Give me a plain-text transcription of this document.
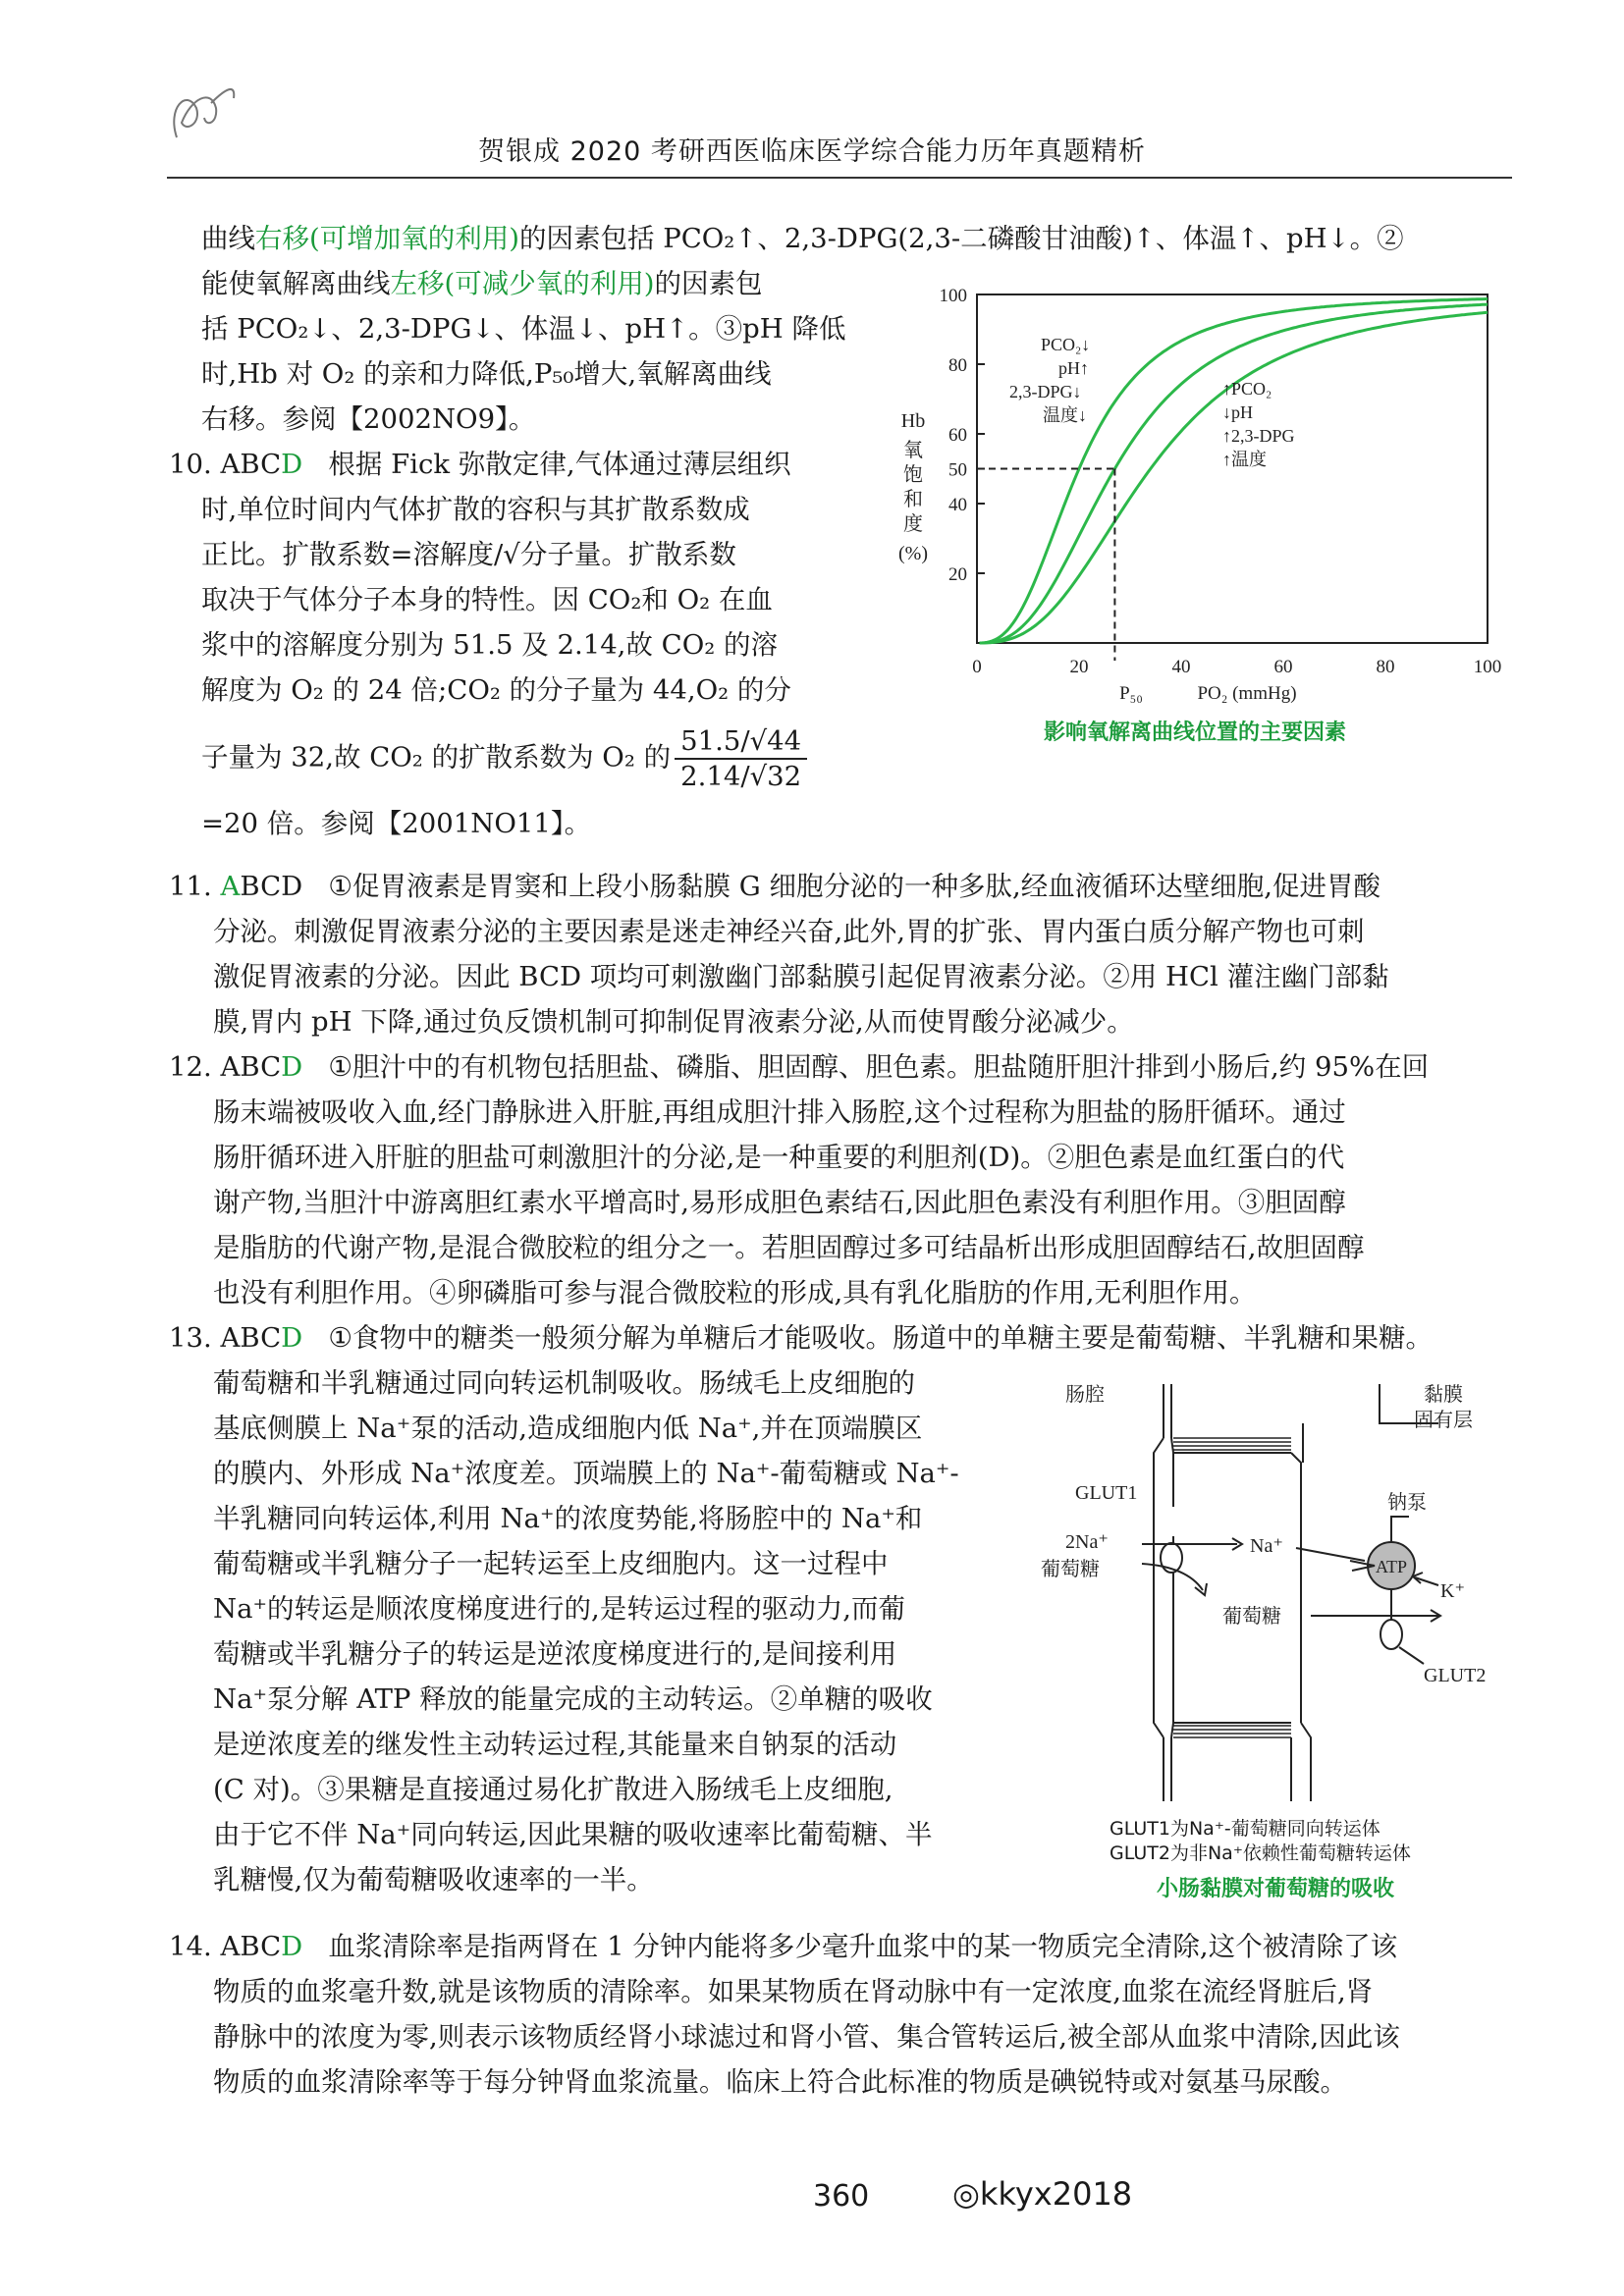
贺银成 2020 考研西医临床医学综合能力历年真题精析
曲线右移(可增加氧的利用)的因素包括 PCO₂↑、2,3-DPG(2,3-二磷酸甘油酸)↑、体温↑、pH↓。②
能使氧解离曲线左移(可减少氧的利用)的因素包
括 PCO₂↓、2,3-DPG↓、体温↓、pH↑。③pH 降低
时,Hb 对 O₂ 的亲和力降低,P₅₀增大,氧解离曲线
右移。参阅【2002NO9】。
10. ABCD 根据 Fick 弥散定律,气体通过薄层组织
时,单位时间内气体扩散的容积与其扩散系数成
正比。扩散系数=溶解度/√分子量。扩散系数
取决于气体分子本身的特性。因 CO₂和 O₂ 在血
浆中的溶解度分别为 51.5 及 2.14,故 CO₂ 的溶
解度为 O₂ 的 24 倍;CO₂ 的分子量为 44,O₂ 的分
子量为 32,故 CO₂ 的扩散系数为 O₂ 的 $\frac{51.5/√44}{2.14/√32}$
=20 倍。参阅【2001NO11】。
Hb
氧
饱
和
度
(%)
0	20	40	60	80	100
100
80
60
50
40
20
PCO₂↓
pH↑
2,3-DPG↓
温度↓
↑PCO₂
↓pH
↑2,3-DPG
↑温度
P₅₀	PO₂ (mmHg)
影响氧解离曲线位置的主要因素
11. ABCD ①促胃液素是胃窦和上段小肠黏膜 G 细胞分泌的一种多肽,经血液循环达壁细胞,促进胃酸
分泌。刺激促胃液素分泌的主要因素是迷走神经兴奋,此外,胃的扩张、胃内蛋白质分解产物也可刺
激促胃液素的分泌。因此 BCD 项均可刺激幽门部黏膜引起促胃液素分泌。②用 HCl 灌注幽门部黏
膜,胃内 pH 下降,通过负反馈机制可抑制促胃液素分泌,从而使胃酸分泌减少。
12. ABCD ①胆汁中的有机物包括胆盐、磷脂、胆固醇、胆色素。胆盐随肝胆汁排到小肠后,约 95%在回
肠末端被吸收入血,经门静脉进入肝脏,再组成胆汁排入肠腔,这个过程称为胆盐的肠肝循环。通过
肠肝循环进入肝脏的胆盐可刺激胆汁的分泌,是一种重要的利胆剂(D)。②胆色素是血红蛋白的代
谢产物,当胆汁中游离胆红素水平增高时,易形成胆色素结石,因此胆色素没有利胆作用。③胆固醇
是脂肪的代谢产物,是混合微胶粒的组分之一。若胆固醇过多可结晶析出形成胆固醇结石,故胆固醇
也没有利胆作用。④卵磷脂可参与混合微胶粒的形成,具有乳化脂肪的作用,无利胆作用。
13. ABCD ①食物中的糖类一般须分解为单糖后才能吸收。肠道中的单糖主要是葡萄糖、半乳糖和果糖。
葡萄糖和半乳糖通过同向转运机制吸收。肠绒毛上皮细胞的
基底侧膜上 Na⁺泵的活动,造成细胞内低 Na⁺,并在顶端膜区
的膜内、外形成 Na⁺浓度差。顶端膜上的 Na⁺-葡萄糖或 Na⁺-
半乳糖同向转运体,利用 Na⁺的浓度势能,将肠腔中的 Na⁺和
葡萄糖或半乳糖分子一起转运至上皮细胞内。这一过程中
Na⁺的转运是顺浓度梯度进行的,是转运过程的驱动力,而葡
萄糖或半乳糖分子的转运是逆浓度梯度进行的,是间接利用
Na⁺泵分解 ATP 释放的能量完成的主动转运。②单糖的吸收
是逆浓度差的继发性主动转运过程,其能量来自钠泵的活动
(C 对)。③果糖是直接通过易化扩散进入肠绒毛上皮细胞,
由于它不伴 Na⁺同向转运,因此果糖的吸收速率比葡萄糖、半
乳糖慢,仅为葡萄糖吸收速率的一半。
肠腔	黏膜
固有层
GLUT1
2Na⁺
葡萄糖
Na⁺
钠泵
K⁺
葡萄糖
GLUT2
ATP
GLUT1为Na⁺-葡萄糖同向转运体
GLUT2为非Na⁺依赖性葡萄糖转运体
小肠黏膜对葡萄糖的吸收
14. ABCD 血浆清除率是指两肾在 1 分钟内能将多少毫升血浆中的某一物质完全清除,这个被清除了该
物质的血浆毫升数,就是该物质的清除率。如果某物质在肾动脉中有一定浓度,血浆在流经肾脏后,肾
静脉中的浓度为零,则表示该物质经肾小球滤过和肾小管、集合管转运后,被全部从血浆中清除,因此该
物质的血浆清除率等于每分钟肾血浆流量。临床上符合此标准的物质是碘锐特或对氨基马尿酸。
360	◎kkyx2018
